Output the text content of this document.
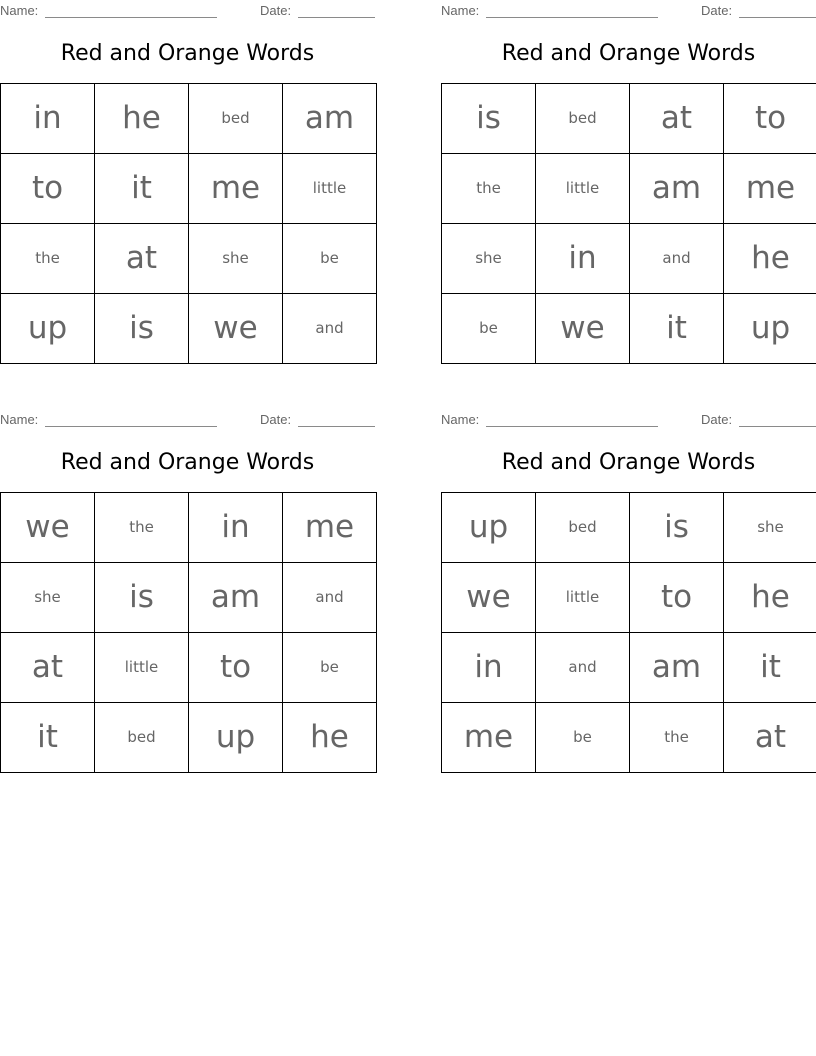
Name:	Date:
Red and Orange Words
in	he	bed	am
to	it	me	little
the	at	she	be
up	is	we	and
Name:	Date:
Red and Orange Words
is	bed	at	to
the	little	am	me
she	in	and	he
be	we	it	up
Name:	Date:
Red and Orange Words
we	the	in	me
she	is	am	and
at	little	to	be
it	bed	up	he
Name:	Date:
Red and Orange Words
up	bed	is	she
we	little	to	he
in	and	am	it
me	be	the	at
